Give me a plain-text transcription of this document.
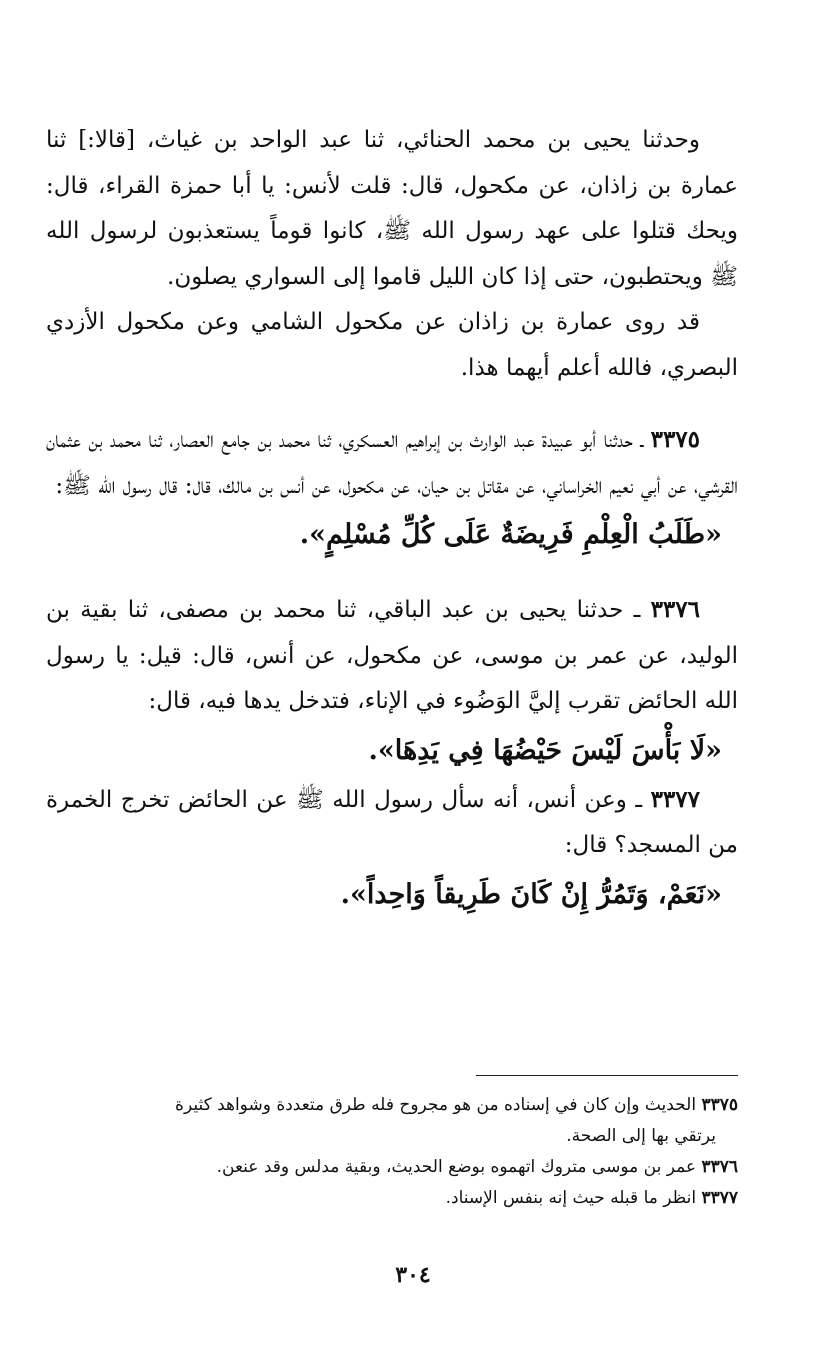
وحدثنا يحيى بن محمد الحنائي، ثنا عبد الواحد بن غياث، [قالا:] ثنا عمارة بن زاذان، عن مكحول، قال: قلت لأنس: يا أبا حمزة القراء، قال: ويحك قتلوا على عهد رسول الله ﷺ، كانوا قوماً يستعذبون لرسول الله ﷺ ويحتطبون، حتى إذا كان الليل قاموا إلى السواري يصلون.

قد روى عمارة بن زاذان عن مكحول الشامي وعن مكحول الأزدي البصري، فالله أعلم أيهما هذا.

٣٣٧٥ ـ حدثنا أبو عبيدة عبد الوارث بن إبراهيم العسكري، ثنا محمد بن جامع العصار، ثنا محمد بن عثمان القرشي، عن أبي نعيم الخراساني، عن مقاتل بن حيان، عن مكحول، عن أنس بن مالك، قال: قال رسول الله ﷺ:

«طَلَبُ الْعِلْمِ فَرِيضَةٌ عَلَى كُلِّ مُسْلِمٍ».

٣٣٧٦ ـ حدثنا يحيى بن عبد الباقي، ثنا محمد بن مصفى، ثنا بقية بن الوليد، عن عمر بن موسى، عن مكحول، عن أنس، قال: قيل: يا رسول الله الحائض تقرب إليَّ الوَضُوء في الإناء، فتدخل يدها فيه، قال:

«لَا بَأْسَ لَيْسَ حَيْضُهَا فِي يَدِهَا».

٣٣٧٧ ـ وعن أنس، أنه سأل رسول الله ﷺ عن الحائض تخرج الخمرة من المسجد؟ قال:

«نَعَمْ، وَتَمُرُّ إِنْ كَانَ طَرِيقاً وَاحِداً».

٣٣٧٥ الحديث وإن كان في إسناده من هو مجروح فله طرق متعددة وشواهد كثيرة

يرتقي بها إلى الصحة.

٣٣٧٦ عمر بن موسى متروك اتهموه بوضع الحديث، وبقية مدلس وقد عنعن.

٣٣٧٧ انظر ما قبله حيث إنه بنفس الإسناد.

٣٠٤
